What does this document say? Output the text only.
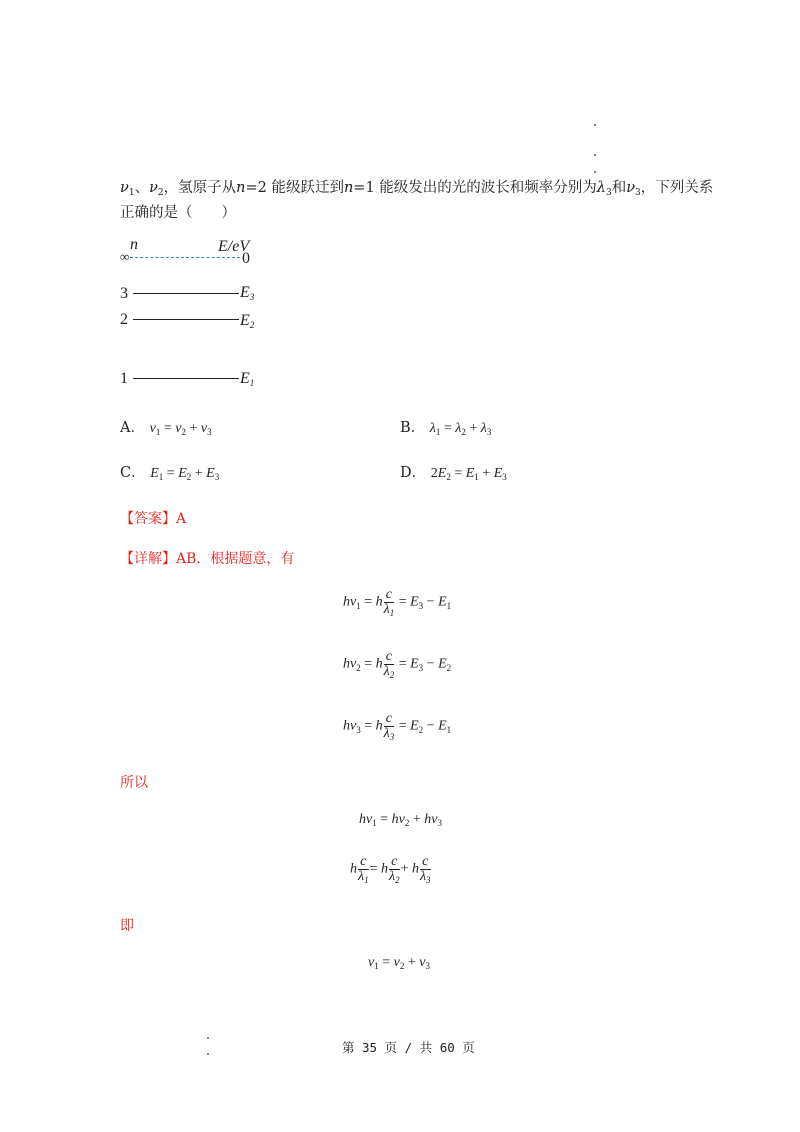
$\nu_1$、$\nu_2$，氢原子从n=2 能级跃迁到n=1 能级发出的光的波长和频率分别为$\lambda_3$和$\nu_3$，下列关系
正确的是（　　）
n	E/eV
∞	0
3	E3
2	E2
1	E1
A． $\nu_1 = \nu_2 + \nu_3$	B． $\lambda_1 = \lambda_2 + \lambda_3$
C． $E_1 = E_2 + E_3$	D． $2E_2 = E_1 + E_3$
【答案】A
【详解】AB．根据题意，有
$h\nu_1 = h \frac{c}{\lambda_1} = E_3 - E_1$
$h\nu_2 = h \frac{c}{\lambda_2} = E_3 - E_2$
$h\nu_3 = h \frac{c}{\lambda_3} = E_2 - E_1$
所以
$h\nu_1 = h\nu_2 + h\nu_3$
h $\frac{c}{\lambda_1} = h \frac{c}{\lambda_2} + h \frac{c}{\lambda_3}$
即
$\nu_1 = \nu_2 + \nu_3$
第 35 页 / 共 60 页
